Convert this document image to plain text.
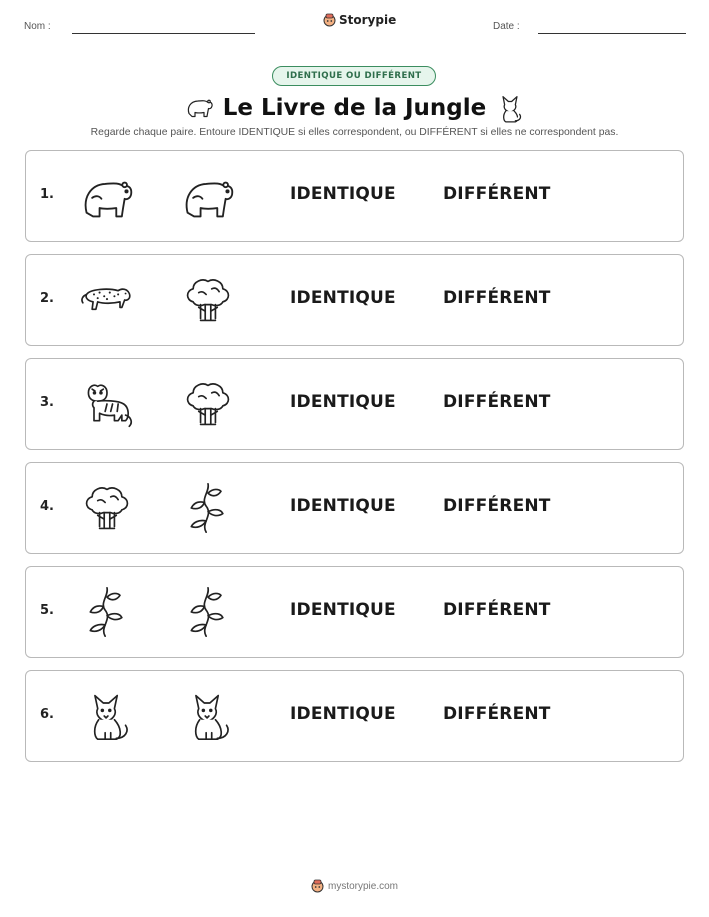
Nom :	Storypie	Date :
IDENTIQUE OU DIFFÉRENT
Le Livre de la Jungle
Regarde chaque paire. Entoure IDENTIQUE si elles correspondent, ou DIFFÉRENT si elles ne correspondent pas.
1.	IDENTIQUE	DIFFÉRENT
2.	IDENTIQUE	DIFFÉRENT
3.	IDENTIQUE	DIFFÉRENT
4.	IDENTIQUE	DIFFÉRENT
5.	IDENTIQUE	DIFFÉRENT
6.	IDENTIQUE	DIFFÉRENT
mystorypie.com
